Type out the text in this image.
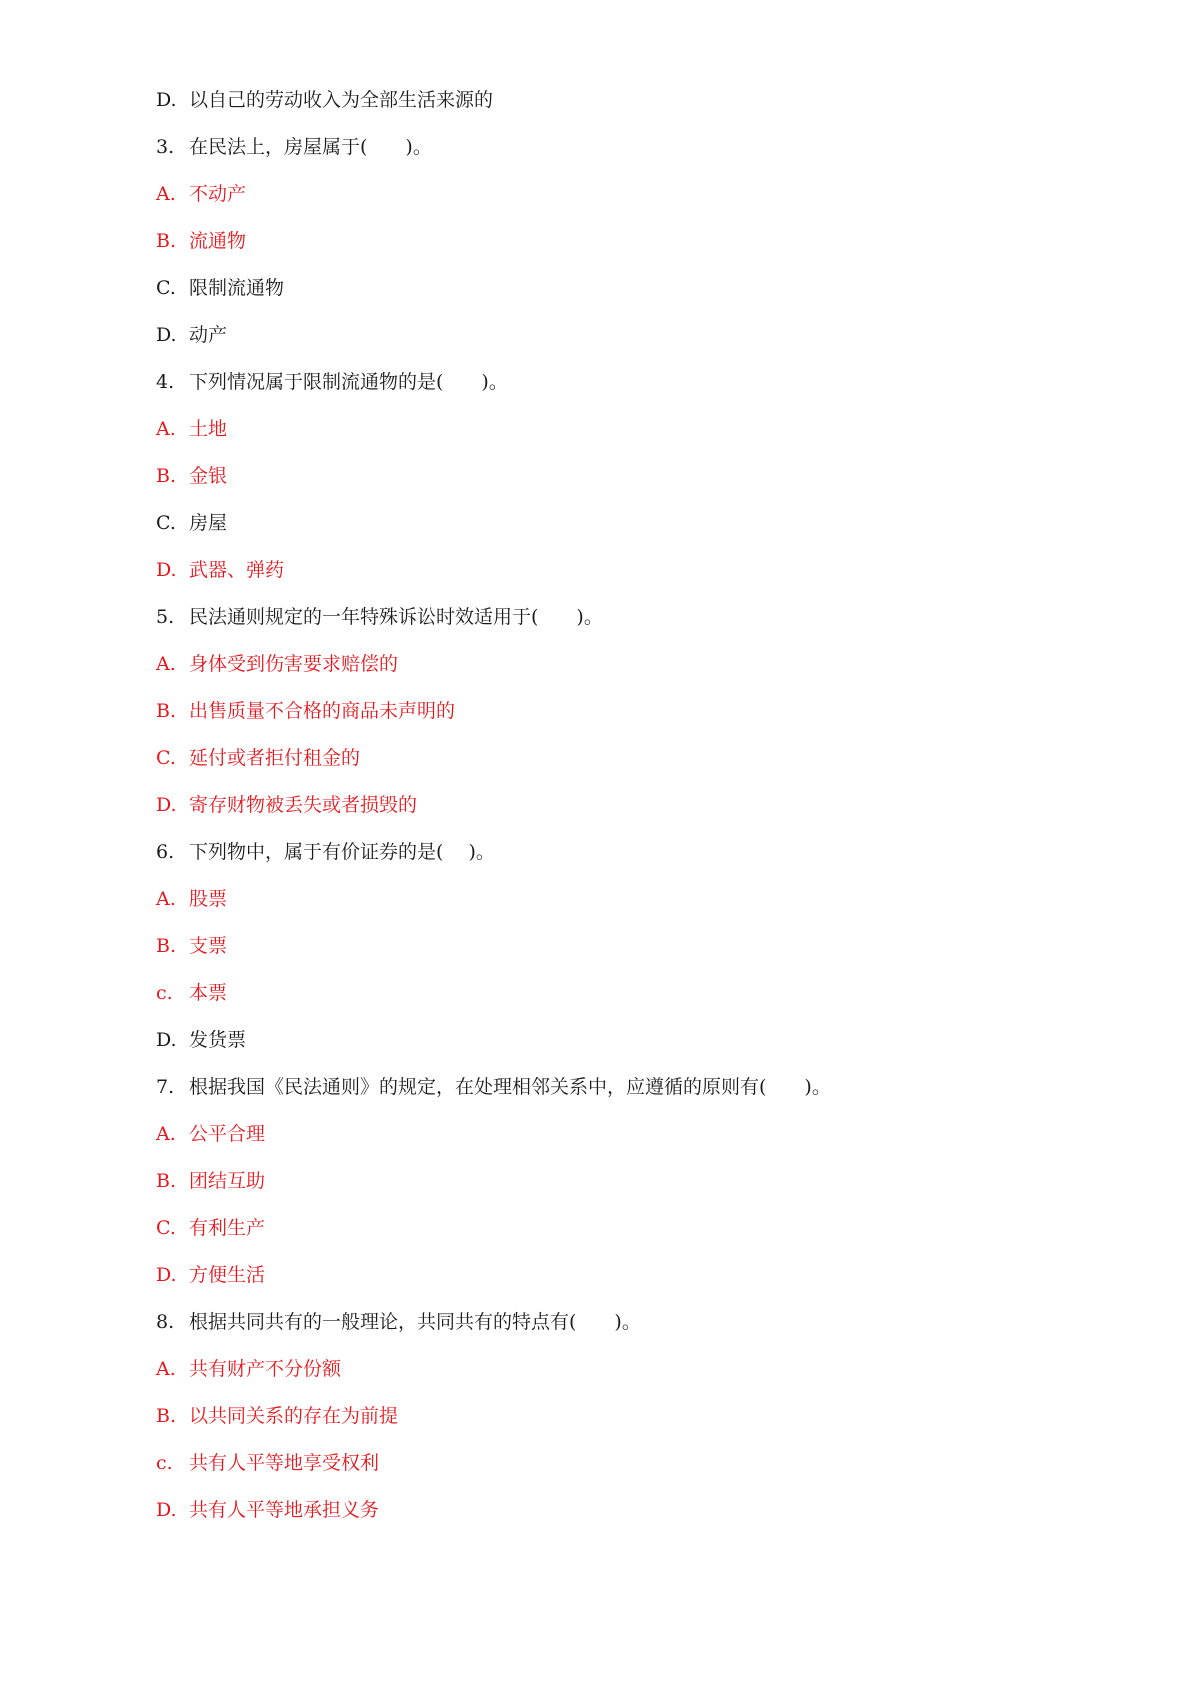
D. 以自己的劳动收入为全部生活来源的
3. 在民法上，房屋属于(　　)。
A. 不动产
B. 流通物
C. 限制流通物
D. 动产
4. 下列情况属于限制流通物的是(　　)。
A. 土地
B. 金银
C. 房屋
D. 武器、弹药
5. 民法通则规定的一年特殊诉讼时效适用于(　　)。
A. 身体受到伤害要求赔偿的
B. 出售质量不合格的商品未声明的
C. 延付或者拒付租金的
D. 寄存财物被丢失或者损毁的
6. 下列物中，属于有价证券的是(　 )。
A. 股票
B. 支票
c. 本票
D. 发货票
7. 根据我国《民法通则》的规定，在处理相邻关系中，应遵循的原则有(　　)。
A. 公平合理
B. 团结互助
C. 有利生产
D. 方便生活
8. 根据共同共有的一般理论，共同共有的特点有(　　)。
A. 共有财产不分份额
B. 以共同关系的存在为前提
c. 共有人平等地享受权利
D. 共有人平等地承担义务
